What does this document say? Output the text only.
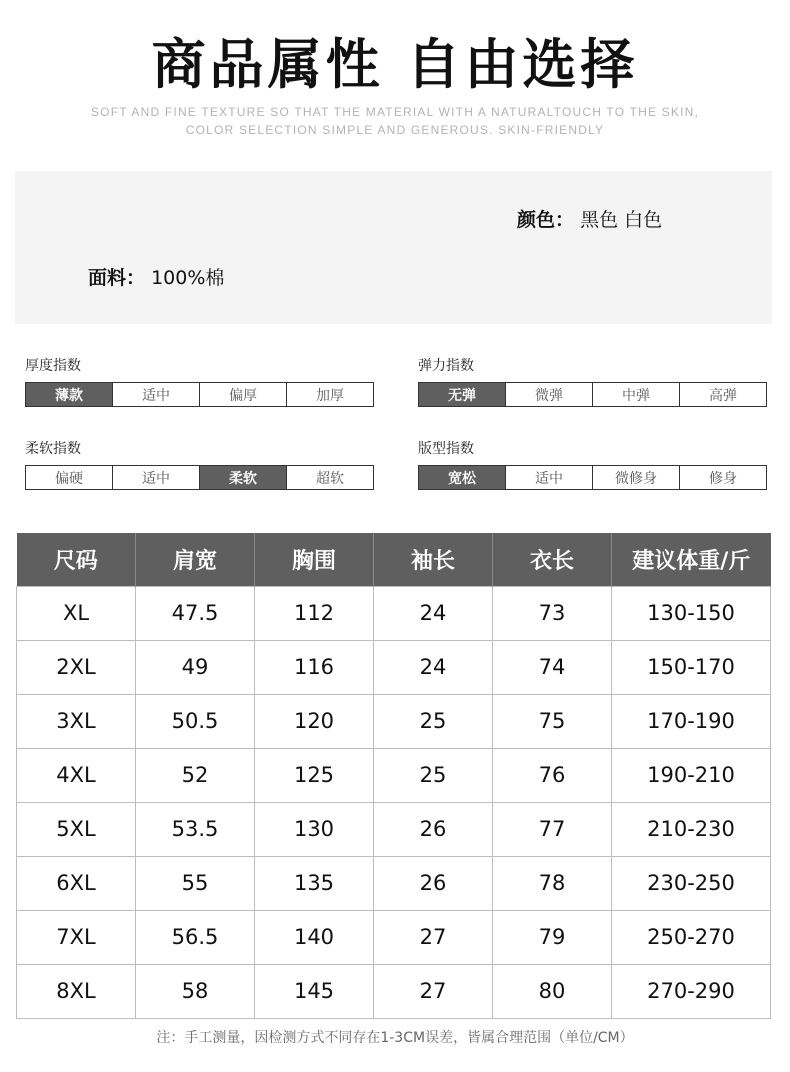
商品属性 自由选择
SOFT AND FINE TEXTURE SO THAT THE MATERIAL WITH A NATURALTOUCH TO THE SKIN,
COLOR SELECTION SIMPLE AND GENEROUS. SKIN-FRIENDLY
颜色： 黑色 白色
面料： 100%棉
厚度指数
薄款	适中	偏厚	加厚
弹力指数
无弹	微弹	中弹	高弹
柔软指数
偏硬	适中	柔软	超软
版型指数
宽松	适中	微修身	修身
尺码	肩宽	胸围	袖长	衣长	建议体重/斤
XL	47.5	112	24	73	130-150
2XL	49	116	24	74	150-170
3XL	50.5	120	25	75	170-190
4XL	52	125	25	76	190-210
5XL	53.5	130	26	77	210-230
6XL	55	135	26	78	230-250
7XL	56.5	140	27	79	250-270
8XL	58	145	27	80	270-290
注：手工测量，因检测方式不同存在1-3CM误差，皆属合理范围（单位/CM）
